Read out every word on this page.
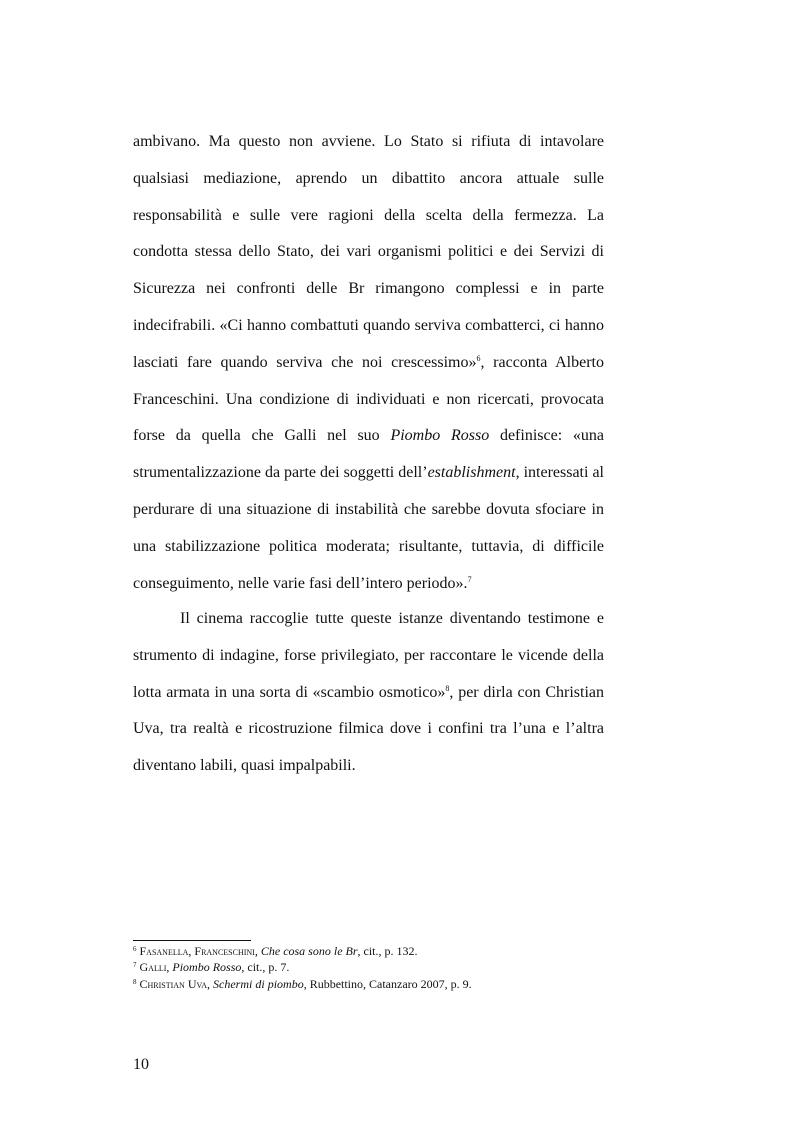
ambivano. Ma questo non avviene. Lo Stato si rifiuta di intavolare qualsiasi mediazione, aprendo un dibattito ancora attuale sulle responsabilità e sulle vere ragioni della scelta della fermezza. La condotta stessa dello Stato, dei vari organismi politici e dei Servizi di Sicurezza nei confronti delle Br rimangono complessi e in parte indecifrabili. «Ci hanno combattuti quando serviva combatterci, ci hanno lasciati fare quando serviva che noi crescessimo»$^6$, racconta Alberto Franceschini. Una condizione di individuati e non ricercati, provocata forse da quella che Galli nel suo Piombo Rosso definisce: «una strumentalizzazione da parte dei soggetti dell’establishment, interessati al perdurare di una situazione di instabilità che sarebbe dovuta sfociare in una stabilizzazione politica moderata; risultante, tuttavia, di difficile conseguimento, nelle varie fasi dell’intero periodo».$^7$

Il cinema raccoglie tutte queste istanze diventando testimone e strumento di indagine, forse privilegiato, per raccontare le vicende della lotta armata in una sorta di «scambio osmotico»$^8$, per dirla con Christian Uva, tra realtà e ricostruzione filmica dove i confini tra l’una e l’altra diventano labili, quasi impalpabili.

$^6$ Fasanella, Franceschini, Che cosa sono le Br, cit., p. 132.

$^7$ Galli, Piombo Rosso, cit., p. 7.

$^8$ Christian Uva, Schermi di piombo, Rubbettino, Catanzaro 2007, p. 9.

10
